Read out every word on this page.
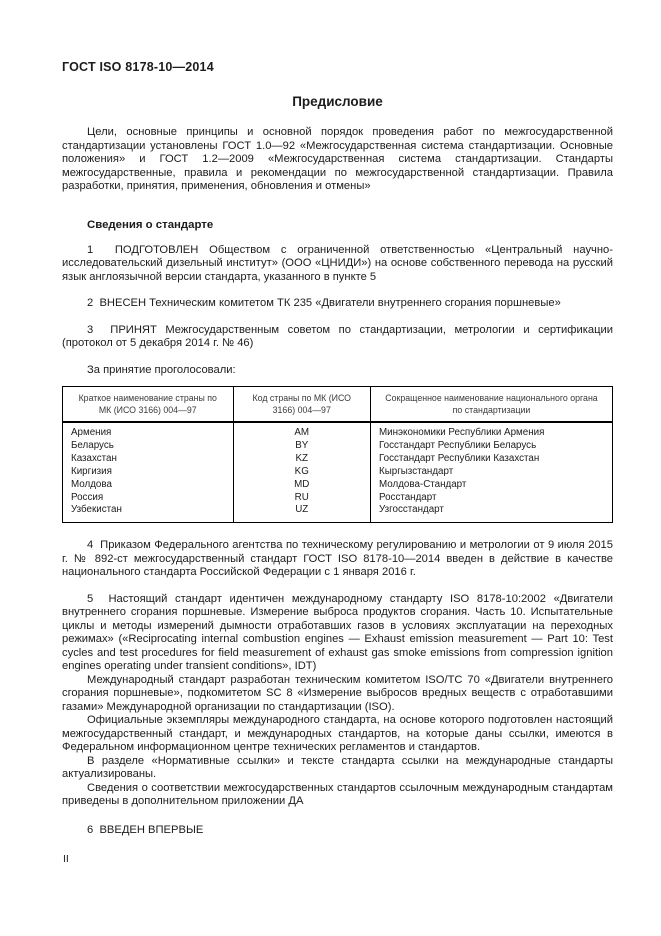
ГОСТ ISO 8178-10—2014
Предисловие

Цели, основные принципы и основной порядок проведения работ по межгосударственной стандартизации установлены ГОСТ 1.0—92 «Межгосударственная система стандартизации. Основные положения» и ГОСТ 1.2—2009 «Межгосударственная система стандартизации. Стандарты межгосударственные, правила и рекомендации по межгосударственной стандартизации. Правила разработки, принятия, применения, обновления и отмены»

Сведения о стандарте

1  ПОДГОТОВЛЕН Обществом с ограниченной ответственностью «Центральный научно-исследовательский дизельный институт» (ООО «ЦНИДИ») на основе собственного перевода на русский язык англоязычной версии стандарта, указанного в пункте 5

2  ВНЕСЕН Техническим комитетом ТК 235 «Двигатели внутреннего сгорания поршневые»

3  ПРИНЯТ Межгосударственным советом по стандартизации, метрологии и сертификации (протокол от 5 декабря 2014 г. № 46)

За принятие проголосовали:

Краткое наименование страны по МК (ИСО 3166) 004—97	Код страны по МК (ИСО 3166) 004—97	Сокращенное наименование национального органа по стандартизации
Армения	AM	Минэкономики Республики Армения
Беларусь	BY	Госстандарт Республики Беларусь
Казахстан	KZ	Госстандарт Республики Казахстан
Киргизия	KG	Кыргызстандарт
Молдова	MD	Молдова-Стандарт
Россия	RU	Росстандарт
Узбекистан	UZ	Узгосстандарт

4  Приказом Федерального агентства по техническому регулированию и метрологии от 9 июля 2015 г. № 892-ст межгосударственный стандарт ГОСТ ISO 8178-10—2014 введен в действие в качестве национального стандарта Российской Федерации с 1 января 2016 г.

5  Настоящий стандарт идентичен международному стандарту ISO 8178-10:2002 «Двигатели внутреннего сгорания поршневые. Измерение выброса продуктов сгорания. Часть 10. Испытательные циклы и методы измерений дымности отработавших газов в условиях эксплуатации на переходных режимах» («Reciprocating internal combustion engines — Exhaust emission measurement — Part 10: Test cycles and test procedures for field measurement of exhaust gas smoke emissions from compression ignition engines operating under transient conditions», IDT)

Международный стандарт разработан техническим комитетом ISO/TC 70 «Двигатели внутреннего сгорания поршневые», подкомитетом SC 8 «Измерение выбросов вредных веществ с отработавшими газами» Международной организации по стандартизации (ISO).

Официальные экземпляры международного стандарта, на основе которого подготовлен настоящий межгосударственный стандарт, и международных стандартов, на которые даны ссылки, имеются в Федеральном информационном центре технических регламентов и стандартов.

В разделе «Нормативные ссылки» и тексте стандарта ссылки на международные стандарты актуализированы.

Сведения о соответствии межгосударственных стандартов ссылочным международным стандартам приведены в дополнительном приложении ДА

6  ВВЕДЕН ВПЕРВЫЕ

II
